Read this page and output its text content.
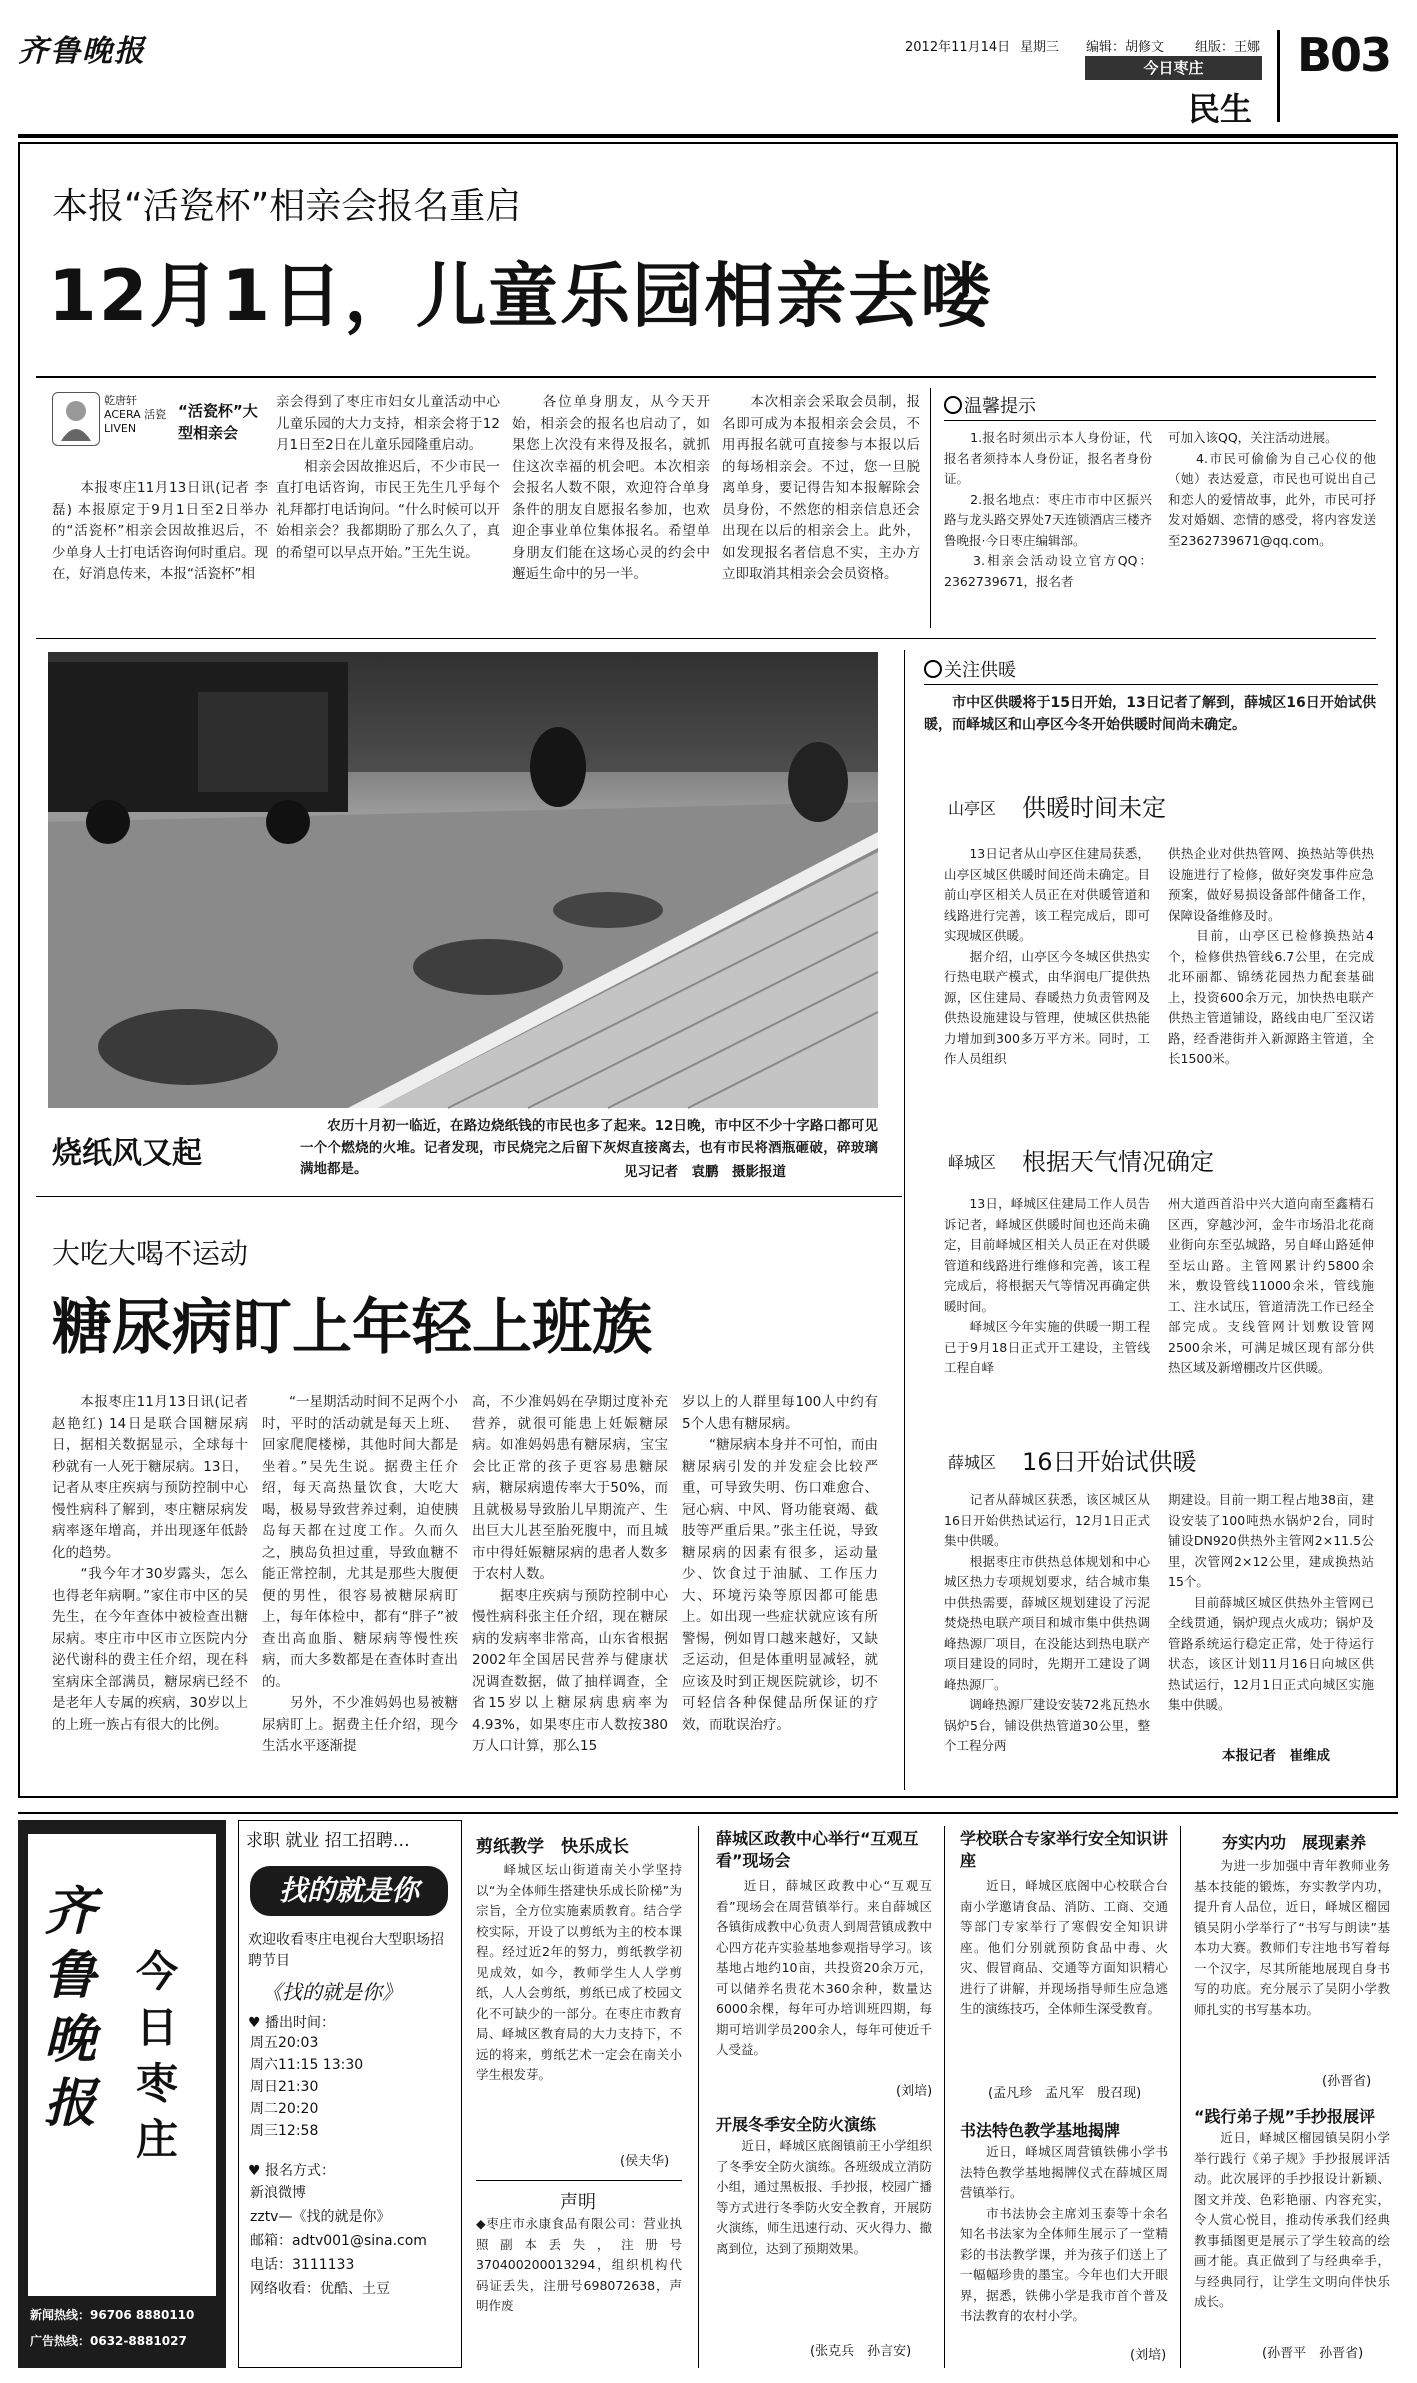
齐鲁晚报	2012年11月14日 星期三 编辑：胡修文 组版：王娜
今日枣庄
民生
B03
本报“活瓷杯”相亲会报名重启
12月1日，儿童乐园相亲去喽
乾唐轩 ACERA 活瓷 LIVEN
“活瓷杯”大型相亲会
　　本报枣庄11月13日讯(记者 李磊) 本报原定于9月1日至2日举办的“活瓷杯”相亲会因故推迟后，不少单身人士打电话咨询何时重启。现在，好消息传来，本报“活瓷杯”相
亲会得到了枣庄市妇女儿童活动中心儿童乐园的大力支持，相亲会将于12月1日至2日在儿童乐园隆重启动。
　　相亲会因故推迟后，不少市民一直打电话咨询，市民王先生几乎每个礼拜都打电话询问。“什么时候可以开始相亲会？我都期盼了那么久了，真的希望可以早点开始。”王先生说。
　　各位单身朋友，从今天开始，相亲会的报名也启动了，如果您上次没有来得及报名，就抓住这次幸福的机会吧。本次相亲会报名人数不限，欢迎符合单身条件的朋友自愿报名参加，也欢迎企事业单位集体报名。希望单身朋友们能在这场心灵的约会中邂逅生命中的另一半。
　　本次相亲会采取会员制，报名即可成为本报相亲会会员，不用再报名就可直接参与本报以后的每场相亲会。不过，您一旦脱离单身，要记得告知本报解除会员身份，不然您的相亲信息还会出现在以后的相亲会上。此外，如发现报名者信息不实，主办方立即取消其相亲会会员资格。
温馨提示
　　1.报名时须出示本人身份证，代报名者须持本人身份证，报名者身份证。
　　2.报名地点：枣庄市市中区振兴路与龙头路交界处7天连锁酒店三楼齐鲁晚报·今日枣庄编辑部。
　　3.相亲会活动设立官方QQ：2362739671，报名者
可加入该QQ，关注活动进展。
　　4.市民可偷偷为自己心仪的他（她）表达爱意，市民也可说出自己和恋人的爱情故事，此外，市民可抒发对婚姻、恋情的感受，将内容发送至2362739671@qq.com。
烧纸风又起
　　农历十月初一临近，在路边烧纸钱的市民也多了起来。12日晚，市中区不少十字路口都可见一个个燃烧的火堆。记者发现，市民烧完之后留下灰烬直接离去，也有市民将酒瓶砸破，碎玻璃满地都是。	见习记者　袁鹏　摄影报道
大吃大喝不运动
糖尿病盯上年轻上班族
　　本报枣庄11月13日讯(记者 赵艳红) 14日是联合国糖尿病日，据相关数据显示，全球每十秒就有一人死于糖尿病。13日，记者从枣庄疾病与预防控制中心慢性病科了解到，枣庄糖尿病发病率逐年增高，并出现逐年低龄化的趋势。
　　“我今年才30岁露头，怎么也得老年病啊。”家住市中区的吴先生，在今年查体中被检查出糖尿病。枣庄市中区市立医院内分泌代谢科的费主任介绍，现在科室病床全部满员，糖尿病已经不是老年人专属的疾病，30岁以上的上班一族占有很大的比例。
　　“一星期活动时间不足两个小时，平时的活动就是每天上班、回家爬爬楼梯，其他时间大都是坐着。”吴先生说。据费主任介绍，每天高热量饮食，大吃大喝，极易导致营养过剩，迫使胰岛每天都在过度工作。久而久之，胰岛负担过重，导致血糖不能正常控制，尤其是那些大腹便便的男性，很容易被糖尿病盯上，每年体检中，都有“胖子”被查出高血脂、糖尿病等慢性疾病，而大多数都是在查体时查出的。
　　另外，不少准妈妈也易被糖尿病盯上。据费主任介绍，现今生活水平逐渐提
高，不少准妈妈在孕期过度补充营养，就很可能患上妊娠糖尿病。如准妈妈患有糖尿病，宝宝会比正常的孩子更容易患糖尿病，糖尿病遗传率大于50%，而且就极易导致胎儿早期流产、生出巨大儿甚至胎死腹中，而且城市中得妊娠糖尿病的患者人数多于农村人数。
　　据枣庄疾病与预防控制中心慢性病科张主任介绍，现在糖尿病的发病率非常高，山东省根据2002年全国居民营养与健康状况调查数据，做了抽样调查，全省15岁以上糖尿病患病率为4.93%，如果枣庄市人数按380万人口计算，那么15
岁以上的人群里每100人中约有5个人患有糖尿病。
　　“糖尿病本身并不可怕，而由糖尿病引发的并发症会比较严重，可导致失明、伤口难愈合、冠心病、中风、肾功能衰竭、截肢等严重后果。”张主任说，导致糖尿病的因素有很多，运动量少、饮食过于油腻、工作压力大、环境污染等原因都可能患上。如出现一些症状就应该有所警惕，例如胃口越来越好，又缺乏运动，但是体重明显减轻，就应该及时到正规医院就诊，切不可轻信各种保健品所保证的疗效，而耽误治疗。
关注供暖
　　市中区供暖将于15日开始，13日记者了解到，薛城区16日开始试供暖，而峄城区和山亭区今冬开始供暖时间尚未确定。
山亭区 供暖时间未定
　　13日记者从山亭区住建局获悉，山亭区城区供暖时间还尚未确定。目前山亭区相关人员正在对供暖管道和线路进行完善，该工程完成后，即可实现城区供暖。
　　据介绍，山亭区今冬城区供热实行热电联产模式，由华润电厂提供热源，区住建局、春暖热力负责管网及供热设施建设与管理，使城区供热能力增加到300多万平方米。同时，工作人员组织
供热企业对供热管网、换热站等供热设施进行了检修，做好突发事件应急预案，做好易损设备部件储备工作，保障设备维修及时。
　　目前，山亭区已检修换热站4个，检修供热管线6.7公里，在完成北环丽都、锦绣花园热力配套基础上，投资600余万元，加快热电联产供热主管道铺设，路线由电厂至汉诺路，经香港街并入新源路主管道，全长1500米。
峄城区 根据天气情况确定
　　13日，峄城区住建局工作人员告诉记者，峄城区供暖时间也还尚未确定，目前峄城区相关人员正在对供暖管道和线路进行维修和完善，该工程完成后，将根据天气等情况再确定供暖时间。
　　峄城区今年实施的供暖一期工程已于9月18日正式开工建设，主管线工程自峄
州大道西首沿中兴大道向南至鑫精石区西，穿越沙河，金牛市场沿北花商业街向东至弘城路，另自峄山路延伸至坛山路。主管网累计约5800余米，敷设管线11000余米，管线施工、注水试压，管道清洗工作已经全部完成。支线管网计划敷设管网2500余米，可满足城区现有部分供热区域及新增棚改片区供暖。
薛城区 16日开始试供暖
　　记者从薛城区获悉，该区城区从16日开始供热试运行，12月1日正式集中供暖。
　　根据枣庄市供热总体规划和中心城区热力专项规划要求，结合城市集中供热需要，薛城区规划建设了污泥焚烧热电联产项目和城市集中供热调峰热源厂项目，在没能达到热电联产项目建设的同时，先期开工建设了调峰热源厂。
　　调峰热源厂建设安装72兆瓦热水锅炉5台，铺设供热管道30公里，整个工程分两
期建设。目前一期工程占地38亩，建设安装了100吨热水锅炉2台，同时铺设DN920供热外主管网2×11.5公里，次管网2×12公里，建成换热站15个。
　　目前薛城区城区供热外主管网已全线贯通，锅炉现点火成功；锅炉及管路系统运行稳定正常，处于待运行状态，该区计划11月16日向城区供热试运行，12月1日正式向城区实施集中供暖。
本报记者　崔维成
齐鲁晚报
今日枣庄
新闻热线：96706 8880110
广告热线：0632-8881027
求职 就业 招工招聘…
找的就是你
欢迎收看枣庄电视台大型职场招聘节目
《找的就是你》
♥ 播出时间：
周五20:03
周六11:15 13:30
周日21:30
周二20:20
周三12:58
♥ 报名方式：
新浪微博
zztv—《找的就是你》
邮箱：adtv001@sina.com
电话：3111133
网络收看：优酷、土豆
剪纸教学　快乐成长
　　峄城区坛山街道南关小学坚持以“为全体师生搭建快乐成长阶梯”为宗旨，全方位实施素质教育。结合学校实际，开设了以剪纸为主的校本课程。经过近2年的努力，剪纸教学初见成效，如今，教师学生人人学剪纸，人人会剪纸，剪纸已成了校园文化不可缺少的一部分。在枣庄市教育局、峄城区教育局的大力支持下，不远的将来，剪纸艺术一定会在南关小学生根发芽。
(侯夫华)
声明
◆枣庄市永康食品有限公司：营业执照副本丢失，注册号370400200013294，组织机构代码证丢失，注册号698072638，声明作废
薛城区政教中心举行“互观互看”现场会
　　近日，薛城区政教中心“互观互看”现场会在周营镇举行。来自薛城区各镇街成教中心负责人到周营镇成教中心四方花卉实验基地参观指导学习。该基地占地约10亩，共投资20余万元，可以储养名贵花木360余种，数量达6000余棵，每年可办培训班四期，每期可培训学员200余人，每年可使近千人受益。
(刘培)
开展冬季安全防火演练
　　近日，峄城区底阁镇前王小学组织了冬季安全防火演练。各班级成立消防小组，通过黑板报、手抄报，校园广播等方式进行冬季防火安全教育，开展防火演练，师生迅速行动、灭火得力、撤离到位，达到了预期效果。
(张克兵　孙言安)
学校联合专家举行安全知识讲座
　　近日，峄城区底阁中心校联合台南小学邀请食品、消防、工商、交通等部门专家举行了寒假安全知识讲座。他们分别就预防食品中毒、火灾、假冒商品、交通等方面知识精心进行了讲解，并现场指导师生应急逃生的演练技巧，全体师生深受教育。
(孟凡珍　孟凡军　殷召现)
书法特色教学基地揭牌
　　近日，峄城区周营镇铁佛小学书法特色教学基地揭牌仪式在薛城区周营镇举行。
　　市书法协会主席刘玉泰等十余名知名书法家为全体师生展示了一堂精彩的书法教学课，并为孩子们送上了一幅幅珍贵的墨宝。今年也们大开眼界，据悉，铁佛小学是我市首个普及书法教育的农村小学。
(刘培)
夯实内功　展现素养
　　为进一步加强中青年教师业务基本技能的锻炼，夯实教学内功，提升育人品位，近日，峄城区榴园镇吴阴小学举行了“书写与朗读”基本功大赛。教师们专注地书写着每一个汉字，尽其所能地展现自身书写的功底。充分展示了吴阴小学教师扎实的书写基本功。
(孙晋省)
“践行弟子规”手抄报展评
　　近日，峄城区榴园镇吴阴小学举行践行《弟子规》手抄报展评活动。此次展评的手抄报设计新颖、图文并茂、色彩艳丽、内容充实，令人赏心悦目，推动传承我们经典教事插图更是展示了学生较高的绘画才能。真正做到了与经典牵手，与经典同行，让学生文明向伴快乐成长。
(孙晋平　孙晋省)
